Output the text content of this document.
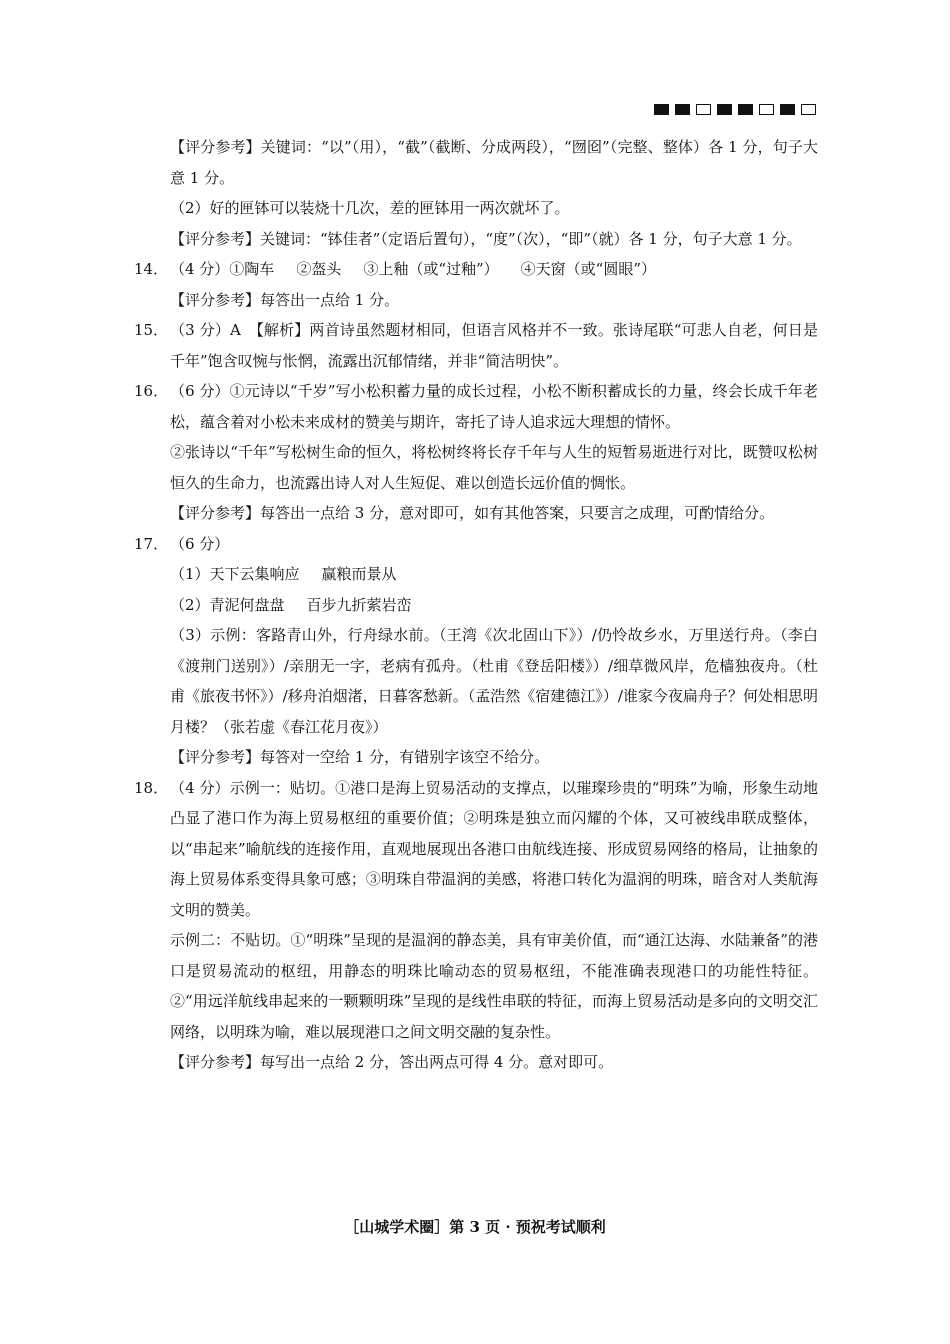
【评分参考】关键词：“以”（用），“截”（截断、分成两段），“囫囵”（完整、整体）各 1 分，句子大意 1 分。

（2）好的匣钵可以装烧十几次，差的匣钵用一两次就坏了。

【评分参考】关键词：“钵佳者”（定语后置句），“度”（次），“即”（就）各 1 分，句子大意 1 分。

14． （4 分）①陶车 ②盔头 ③上釉（或“过釉”） ④天窗（或“圆眼”）

【评分参考】每答出一点给 1 分。

15． （3 分）A　【解析】两首诗虽然题材相同，但语言风格并不一致。张诗尾联“可悲人自老，何日是千年”饱含叹惋与怅惘，流露出沉郁情绪，并非“简洁明快”。
16． （6 分）①元诗以“千岁”写小松积蓄力量的成长过程，小松不断积蓄成长的力量，终会长成千年老松，蕴含着对小松未来成材的赞美与期许，寄托了诗人追求远大理想的情怀。

②张诗以“千年”写松树生命的恒久，将松树终将长存千年与人生的短暂易逝进行对比，既赞叹松树恒久的生命力，也流露出诗人对人生短促、难以创造长远价值的惆怅。

【评分参考】每答出一点给 3 分，意对即可，如有其他答案，只要言之成理，可酌情给分。

17． （6 分）

（1）天下云集响应 赢粮而景从

（2）青泥何盘盘 百步九折萦岩峦

（3）示例：客路青山外，行舟绿水前。（王湾《次北固山下》）/仍怜故乡水，万里送行舟。（李白《渡荆门送别》）/亲朋无一字，老病有孤舟。（杜甫《登岳阳楼》）/细草微风岸，危樯独夜舟。（杜甫《旅夜书怀》）/移舟泊烟渚，日暮客愁新。（孟浩然《宿建德江》）/谁家今夜扁舟子？何处相思明月楼？（张若虚《春江花月夜》）

【评分参考】每答对一空给 1 分，有错别字该空不给分。

18． （4 分）示例一：贴切。①港口是海上贸易活动的支撑点，以璀璨珍贵的“明珠”为喻，形象生动地凸显了港口作为海上贸易枢纽的重要价值；②明珠是独立而闪耀的个体，又可被线串联成整体，以“串起来”喻航线的连接作用，直观地展现出各港口由航线连接、形成贸易网络的格局，让抽象的海上贸易体系变得具象可感；③明珠自带温润的美感，将港口转化为温润的明珠，暗含对人类航海文明的赞美。

示例二：不贴切。①“明珠”呈现的是温润的静态美，具有审美价值，而“通江达海、水陆兼备”的港口是贸易流动的枢纽，用静态的明珠比喻动态的贸易枢纽，不能准确表现港口的功能性特征。②“用远洋航线串起来的一颗颗明珠”呈现的是线性串联的特征，而海上贸易活动是多向的文明交汇网络，以明珠为喻，难以展现港口之间文明交融的复杂性。

【评分参考】每写出一点给 2 分，答出两点可得 4 分。意对即可。

［山城学术圈］第 3 页 · 预祝考试顺利
